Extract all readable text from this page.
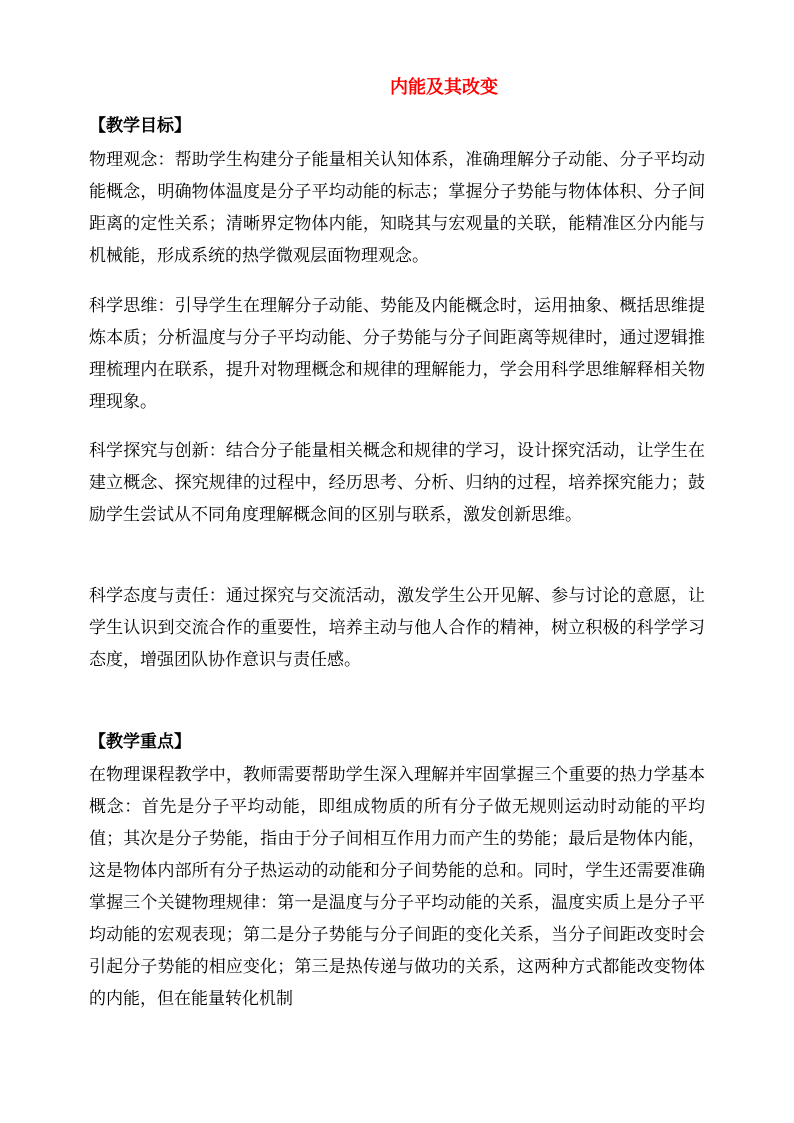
内能及其改变
【教学目标】

物理观念：帮助学生构建分子能量相关认知体系，准确理解分子动能、分子平均动能概念，明确物体温度是分子平均动能的标志；掌握分子势能与物体体积、分子间距离的定性关系；清晰界定物体内能，知晓其与宏观量的关联，能精准区分内能与机械能，形成系统的热学微观层面物理观念。

科学思维：引导学生在理解分子动能、势能及内能概念时，运用抽象、概括思维提炼本质；分析温度与分子平均动能、分子势能与分子间距离等规律时，通过逻辑推理梳理内在联系，提升对物理概念和规律的理解能力，学会用科学思维解释相关物理现象。

科学探究与创新：结合分子能量相关概念和规律的学习，设计探究活动，让学生在建立概念、探究规律的过程中，经历思考、分析、归纳的过程，培养探究能力；鼓励学生尝试从不同角度理解概念间的区别与联系，激发创新思维。

科学态度与责任：通过探究与交流活动，激发学生公开见解、参与讨论的意愿，让学生认识到交流合作的重要性，培养主动与他人合作的精神，树立积极的科学学习态度，增强团队协作意识与责任感。

【教学重点】

在物理课程教学中，教师需要帮助学生深入理解并牢固掌握三个重要的热力学基本概念：首先是分子平均动能，即组成物质的所有分子做无规则运动时动能的平均值；其次是分子势能，指由于分子间相互作用力而产生的势能；最后是物体内能，这是物体内部所有分子热运动的动能和分子间势能的总和。同时，学生还需要准确掌握三个关键物理规律：第一是温度与分子平均动能的关系，温度实质上是分子平均动能的宏观表现；第二是分子势能与分子间距的变化关系，当分子间距改变时会引起分子势能的相应变化；第三是热传递与做功的关系，这两种方式都能改变物体的内能，但在能量转化机制
